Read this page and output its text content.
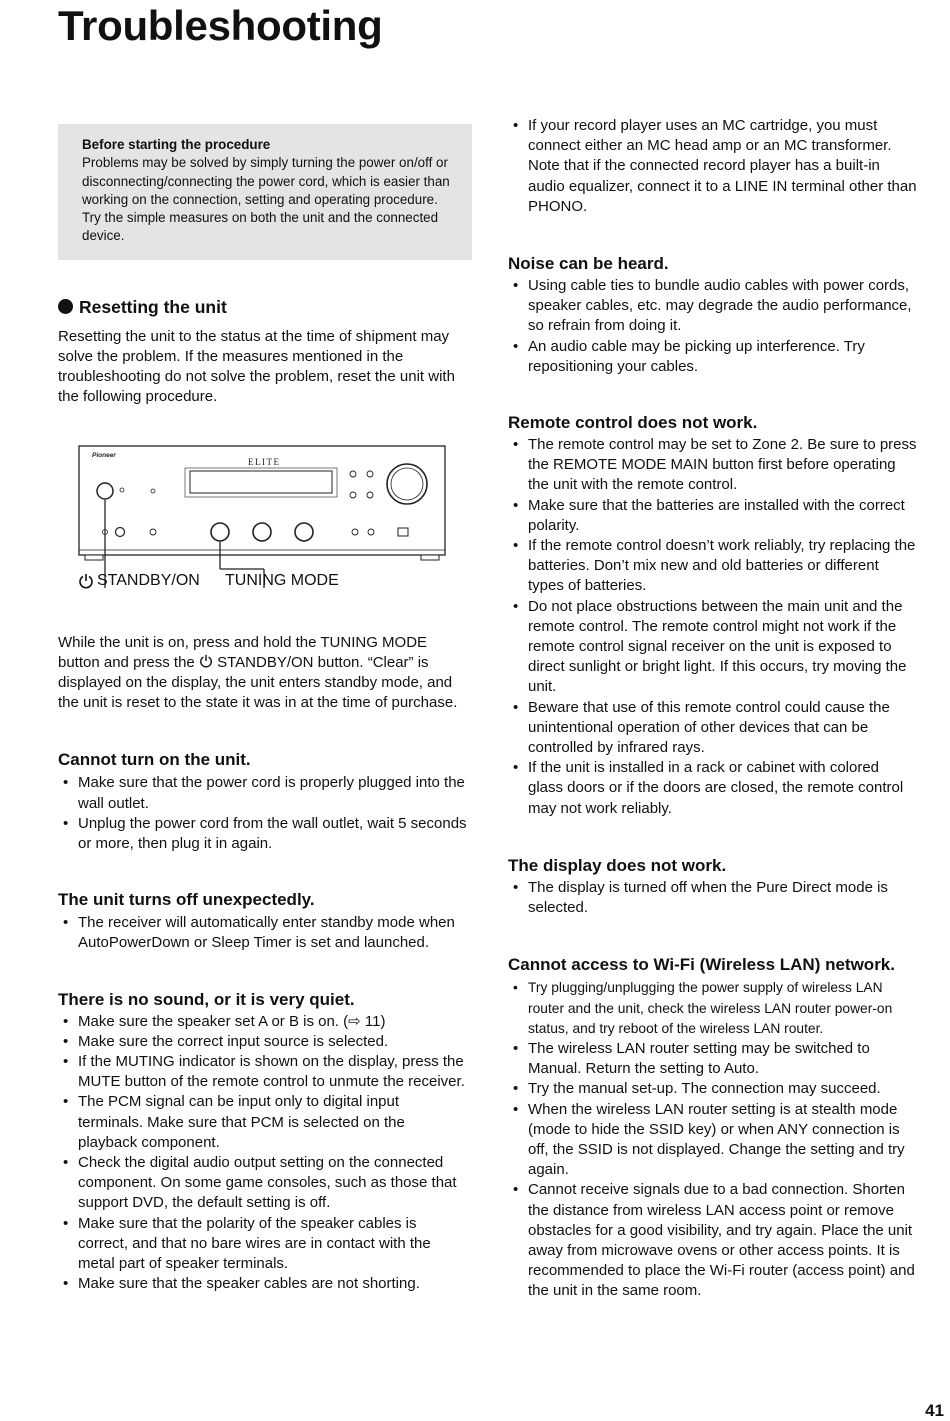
Troubleshooting
Before starting the procedure
Problems may be solved by simply turning the power on/off or disconnecting/connecting the power cord, which is easier than working on the connection, setting and operating procedure. Try the simple measures on both the unit and the connected device.
Resetting the unit

Resetting the unit to the status at the time of shipment may solve the problem. If the measures mentioned in the troubleshooting do not solve the problem, reset the unit with the following procedure.

Pioneer
ELITE
STANDBY/ON TUNING MODE

While the unit is on, press and hold the TUNING MODE button and press the STANDBY/ON button. “Clear” is displayed on the display, the unit enters standby mode, and the unit is reset to the state it was in at the time of purchase.

Cannot turn on the unit.
• Make sure that the power cord is properly plugged into the wall outlet.
• Unplug the power cord from the wall outlet, wait 5 seconds or more, then plug it in again.
The unit turns off unexpectedly.
• The receiver will automatically enter standby mode when AutoPowerDown or Sleep Timer is set and launched.
There is no sound, or it is very quiet.
• Make sure the speaker set A or B is on. (⇨ 11)
• Make sure the correct input source is selected.
• If the MUTING indicator is shown on the display, press the MUTE button of the remote control to unmute the receiver.
• The PCM signal can be input only to digital input terminals. Make sure that PCM is selected on the playback component.
• Check the digital audio output setting on the connected component. On some game consoles, such as those that support DVD, the default setting is off.
• Make sure that the polarity of the speaker cables is correct, and that no bare wires are in contact with the metal part of speaker terminals.
• Make sure that the speaker cables are not shorting.
• If your record player uses an MC cartridge, you must connect either an MC head amp or an MC transformer. Note that if the connected record player has a built-in audio equalizer, connect it to a LINE IN terminal other than PHONO.
Noise can be heard.
• Using cable ties to bundle audio cables with power cords, speaker cables, etc. may degrade the audio performance, so refrain from doing it.
• An audio cable may be picking up interference. Try repositioning your cables.
Remote control does not work.
• The remote control may be set to Zone 2. Be sure to press the REMOTE MODE MAIN button first before operating the unit with the remote control.
• Make sure that the batteries are installed with the correct polarity.
• If the remote control doesn’t work reliably, try replacing the batteries. Don’t mix new and old batteries or different types of batteries.
• Do not place obstructions between the main unit and the remote control. The remote control might not work if the remote control signal receiver on the unit is exposed to direct sunlight or bright light. If this occurs, try moving the unit.
• Beware that use of this remote control could cause the unintentional operation of other devices that can be controlled by infrared rays.
• If the unit is installed in a rack or cabinet with colored glass doors or if the doors are closed, the remote control may not work reliably.
The display does not work.
• The display is turned off when the Pure Direct mode is selected.
Cannot access to Wi-Fi (Wireless LAN) network.
• Try plugging/unplugging the power supply of wireless LAN router and the unit, check the wireless LAN router power-on status, and try reboot of the wireless LAN router.
• The wireless LAN router setting may be switched to Manual. Return the setting to Auto.
• Try the manual set-up. The connection may succeed.
• When the wireless LAN router setting is at stealth mode (mode to hide the SSID key) or when ANY connection is off, the SSID is not displayed. Change the setting and try again.
• Cannot receive signals due to a bad connection. Shorten the distance from wireless LAN access point or remove obstacles for a good visibility, and try again. Place the unit away from microwave ovens or other access points. It is recommended to place the Wi-Fi router (access point) and the unit in the same room.
41
